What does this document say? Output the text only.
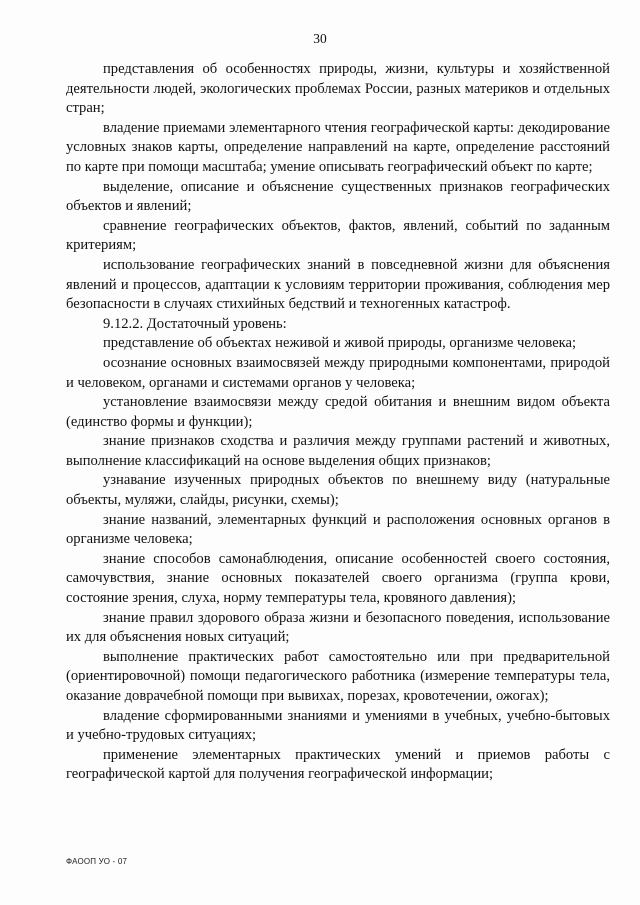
30

представления об особенностях природы, жизни, культуры и хозяйственной деятельности людей, экологических проблемах России, разных материков и отдельных стран;

владение приемами элементарного чтения географической карты: декодирование условных знаков карты, определение направлений на карте, определение расстояний по карте при помощи масштаба; умение описывать географический объект по карте;

выделение, описание и объяснение существенных признаков географических объектов и явлений;

сравнение географических объектов, фактов, явлений, событий по заданным критериям;

использование географических знаний в повседневной жизни для объяснения явлений и процессов, адаптации к условиям территории проживания, соблюдения мер безопасности в случаях стихийных бедствий и техногенных катастроф.

9.12.2. Достаточный уровень:

представление об объектах неживой и живой природы, организме человека;

осознание основных взаимосвязей между природными компонентами, природой и человеком, органами и системами органов у человека;

установление взаимосвязи между средой обитания и внешним видом объекта (единство формы и функции);

знание признаков сходства и различия между группами растений и животных, выполнение классификаций на основе выделения общих признаков;

узнавание изученных природных объектов по внешнему виду (натуральные объекты, муляжи, слайды, рисунки, схемы);

знание названий, элементарных функций и расположения основных органов в организме человека;

знание способов самонаблюдения, описание особенностей своего состояния, самочувствия, знание основных показателей своего организма (группа крови, состояние зрения, слуха, норму температуры тела, кровяного давления);

знание правил здорового образа жизни и безопасного поведения, использование их для объяснения новых ситуаций;

выполнение практических работ самостоятельно или при предварительной (ориентировочной) помощи педагогического работника (измерение температуры тела, оказание доврачебной помощи при вывихах, порезах, кровотечении, ожогах);

владение сформированными знаниями и умениями в учебных, учебно-бытовых и учебно-трудовых ситуациях;

применение элементарных практических умений и приемов работы с географической картой для получения географической информации;

ФАООП УО - 07
